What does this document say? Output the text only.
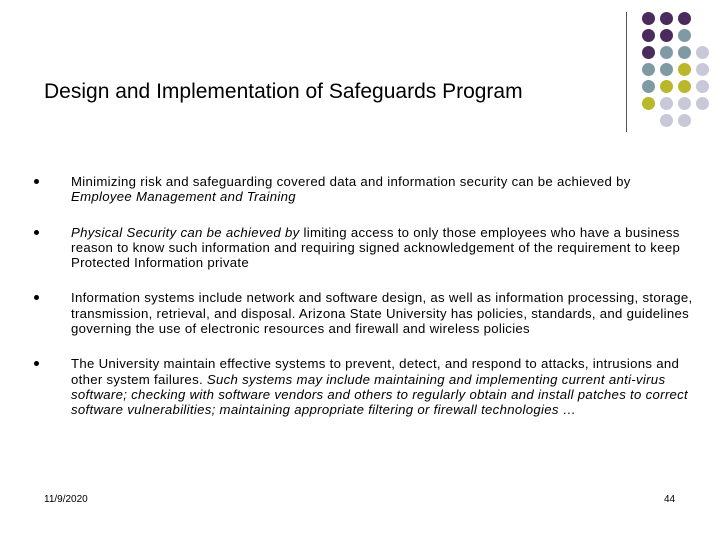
Design and Implementation of Safeguards Program
Minimizing risk and safeguarding covered data and information security can be achieved by Employee Management and Training
Physical Security can be achieved by limiting access to only those employees who have a business reason to know such information and requiring signed acknowledgement of the requirement to keep Protected Information private
Information systems include network and software design, as well as information processing, storage, transmission, retrieval, and disposal. Arizona State University has policies, standards, and guidelines governing the use of electronic resources and firewall and wireless policies
The University maintain effective systems to prevent, detect, and respond to attacks, intrusions and other system failures. Such systems may include maintaining and implementing current anti-virus software; checking with software vendors and others to regularly obtain and install patches to correct software vulnerabilities; maintaining appropriate filtering or firewall technologies …
11/9/2020	44
